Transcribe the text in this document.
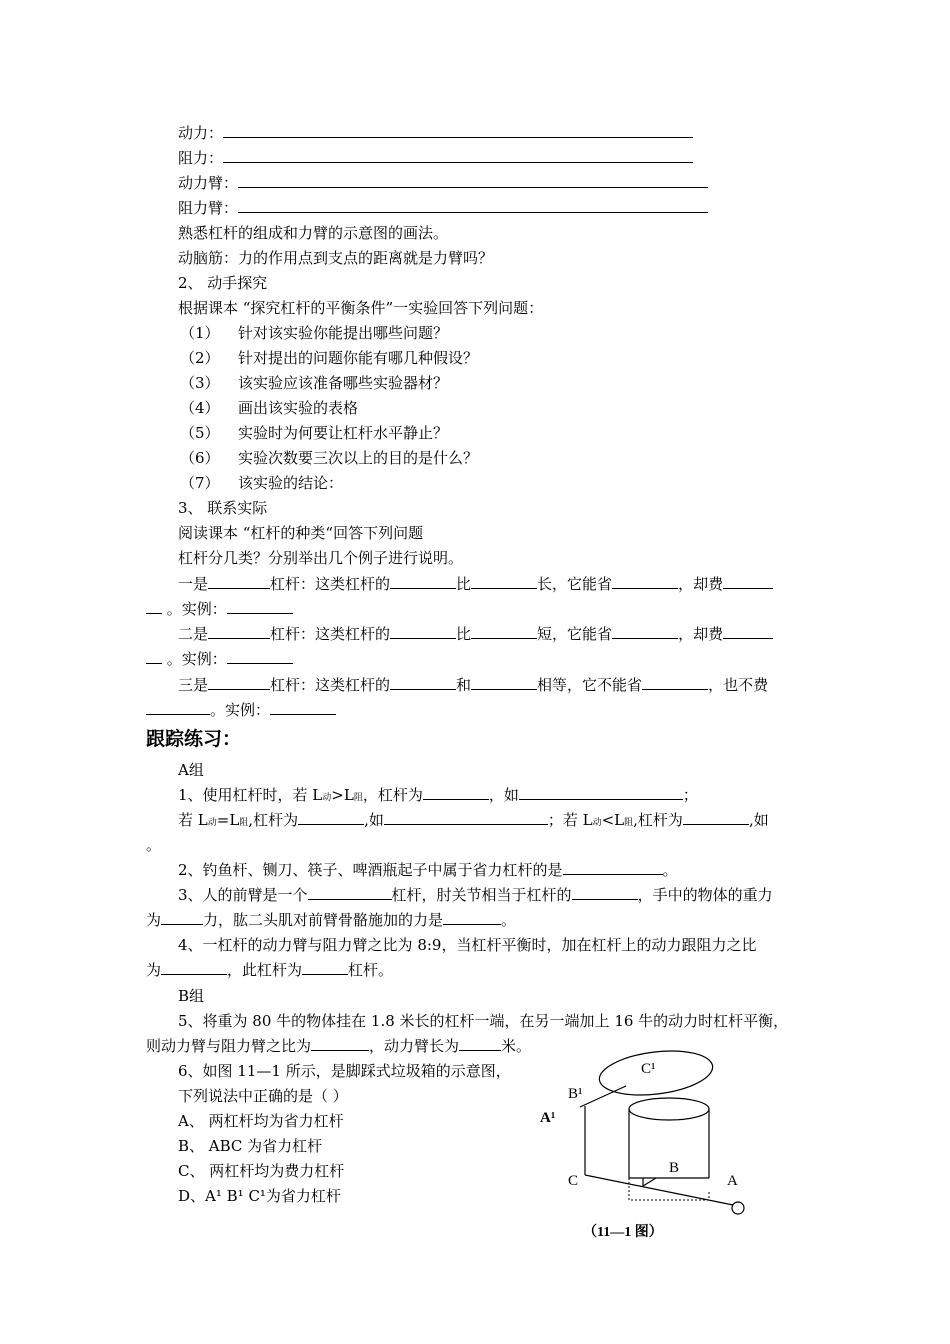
动力：
阻力：
动力臂：
阻力臂：
熟悉杠杆的组成和力臂的示意图的画法。
动脑筋：力的作用点到支点的距离就是力臂吗？
2、 动手探究
根据课本 “探究杠杆的平衡条件”一实验回答下列问题：
（1） 针对该实验你能提出哪些问题？
（2） 针对提出的问题你能有哪几种假设？
（3） 该实验应该准备哪些实验器材？
（4） 画出该实验的表格
（5） 实验时为何要让杠杆水平静止？
（6） 实验次数要三次以上的目的是什么？
（7） 该实验的结论：
3、 联系实际
阅读课本 “杠杆的种类“回答下列问题
杠杆分几类？分别举出几个例子进行说明。
一是	杠杆：这类杠杆的	比	长，它能省	，却费
。实例：
二是	杠杆：这类杠杆的	比	短，它能省	，却费
。实例：
三是	杠杆：这类杠杆的	和	相等，它不能省	，也不费
。实例：
跟踪练习：
A组
1、使用杠杆时，若 L动>L阻，杠杆为	，如	；
若 L动=L阻,杠杆为	,如	；若 L动<L阻,杠杆为	,如
。
2、钓鱼杆、铡刀、筷子、啤酒瓶起子中属于省力杠杆的是	。
3、人的前臂是一个	杠杆，肘关节相当于杠杆的	，手中的物体的重力
为	力，肱二头肌对前臂骨骼施加的力是	。
4、一杠杆的动力臂与阻力臂之比为 8:9，当杠杆平衡时，加在杠杆上的动力跟阻力之比
为	，此杠杆为	杠杆。
B组
5、将重为 80 牛的物体挂在 1.8 米长的杠杆一端，在另一端加上 16 牛的动力时杠杆平衡，
则动力臂与阻力臂之比为	，动力臂长为	米。
6、如图 11—1 所示，是脚踩式垃圾箱的示意图，
下列说法中正确的是（ ）
A、 两杠杆均为省力杠杆
B、 ABC 为省力杠杆
C、 两杠杆均为费力杠杆
D、A¹ B¹ C¹为省力杠杆
C¹
B¹
A¹
B
C	A
（11—1 图）
